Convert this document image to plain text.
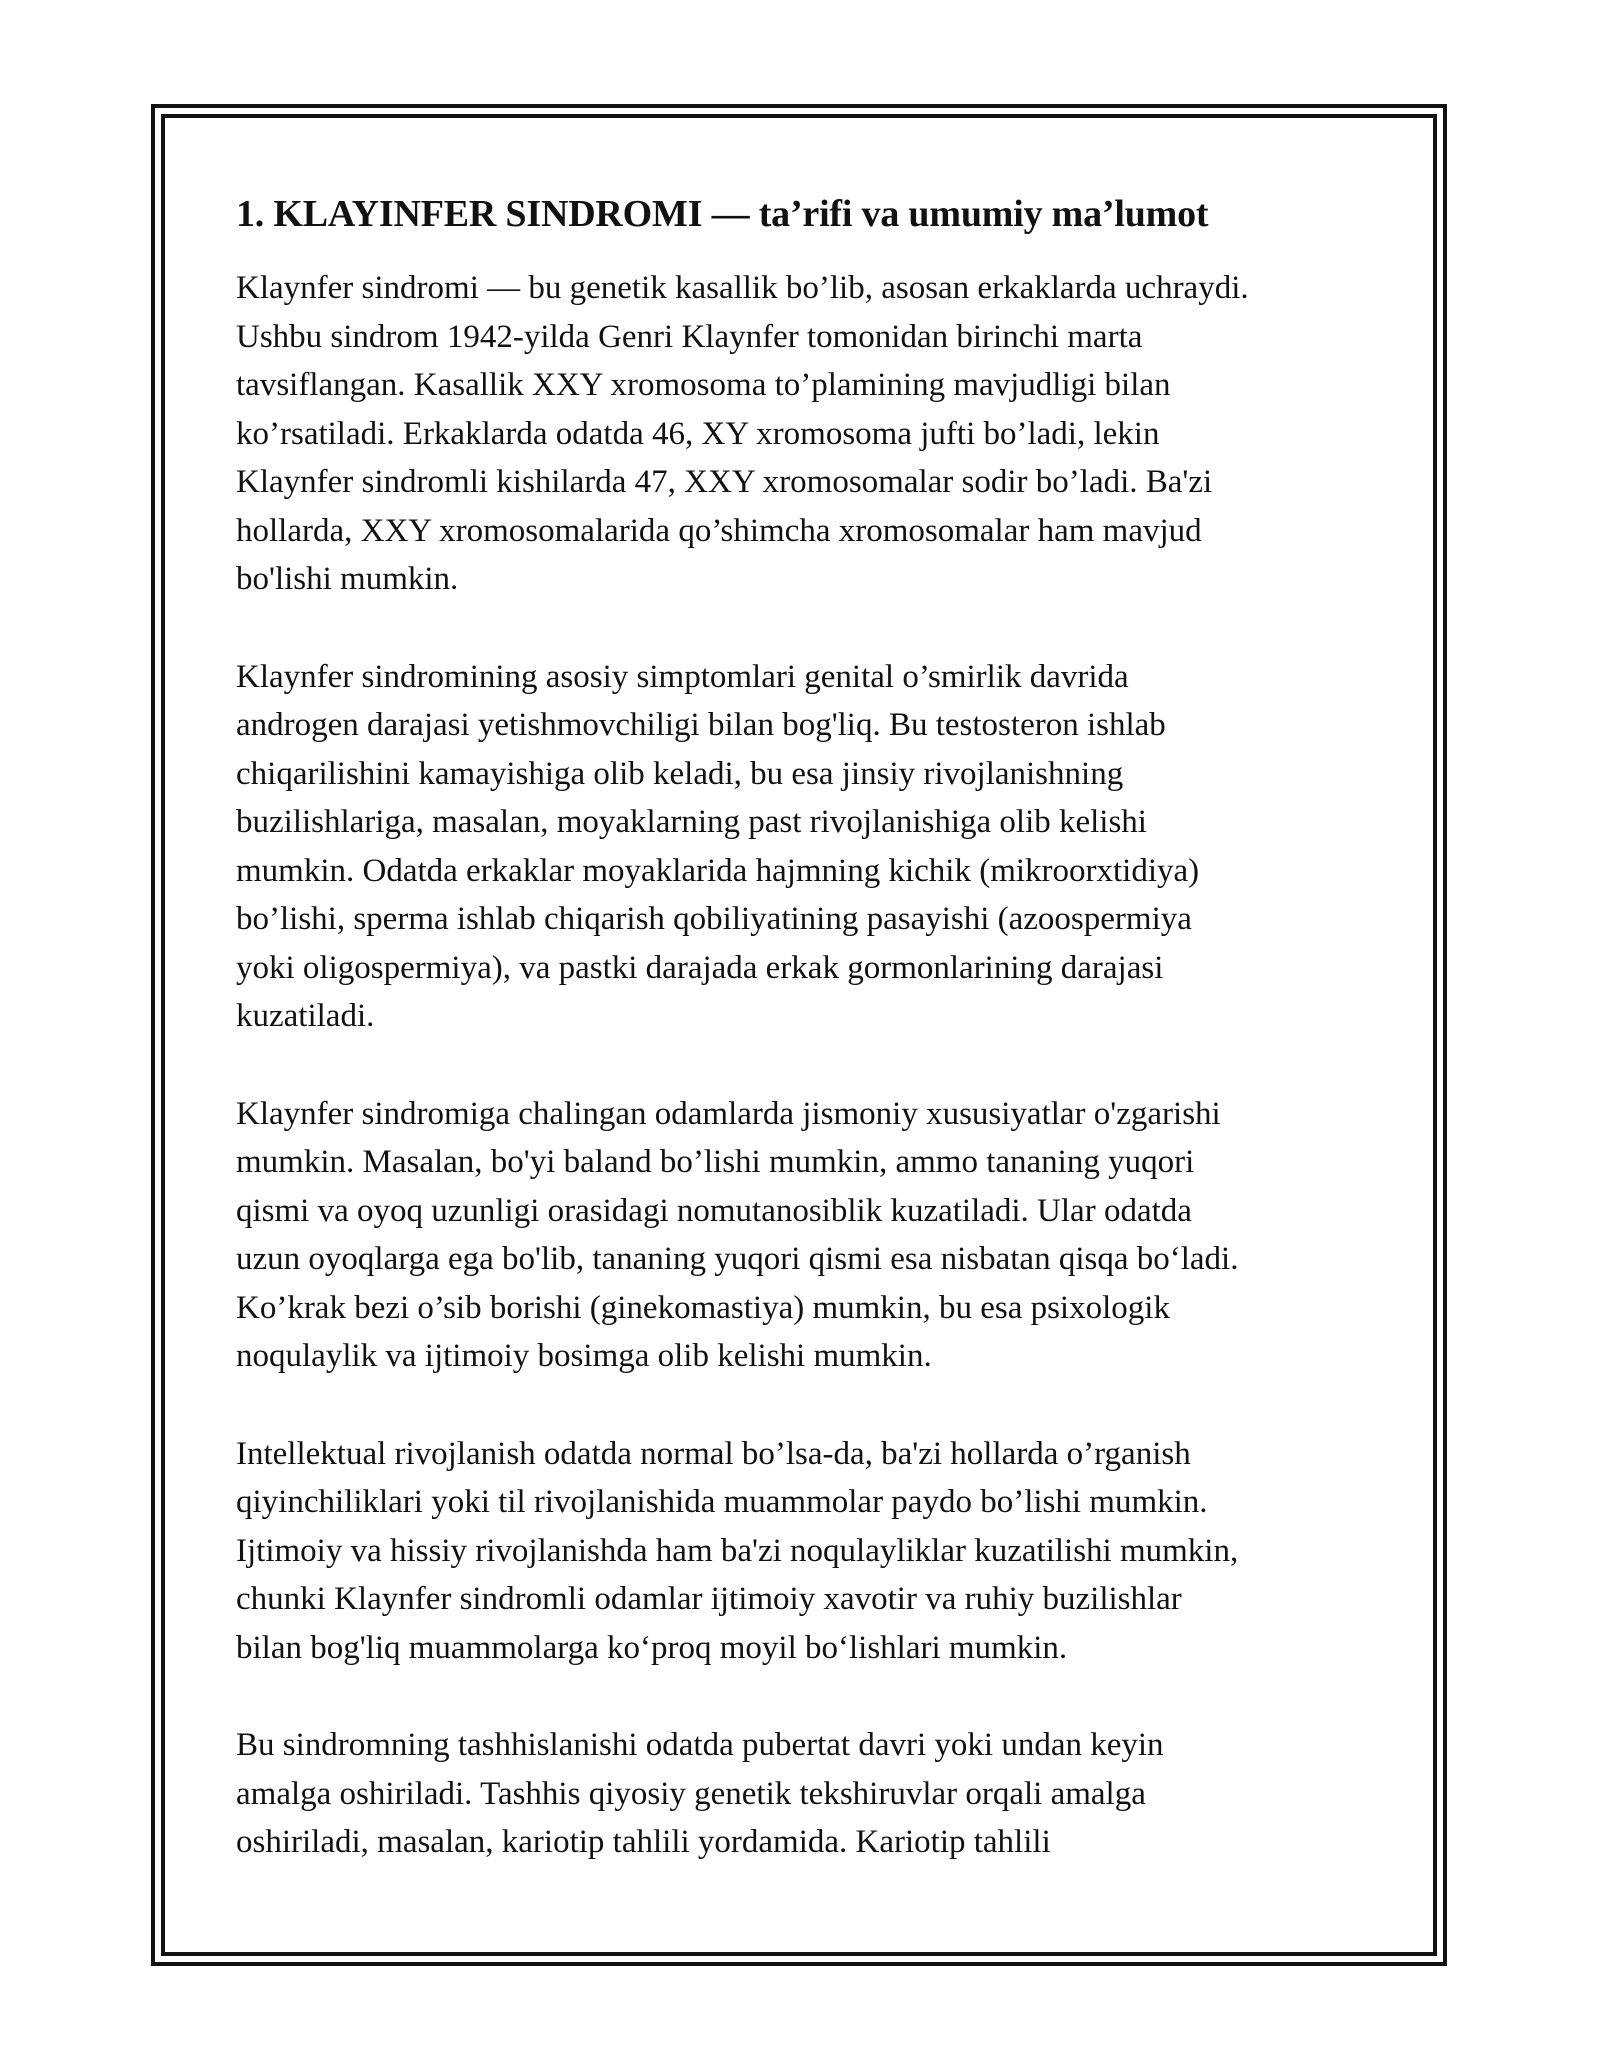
1. KLAYINFER SINDROMI — ta’rifi va umumiy ma’lumot

Klaynfer sindromi — bu genetik kasallik bo’lib, asosan erkaklarda uchraydi.
Ushbu sindrom 1942-yilda Genri Klaynfer tomonidan birinchi marta
tavsiflangan. Kasallik XXY xromosoma to’plamining mavjudligi bilan
ko’rsatiladi. Erkaklarda odatda 46, XY xromosoma jufti bo’ladi, lekin
Klaynfer sindromli kishilarda 47, XXY xromosomalar sodir bo’ladi. Ba'zi
hollarda, XXY xromosomalarida qo’shimcha xromosomalar ham mavjud
bo'lishi mumkin.

Klaynfer sindromining asosiy simptomlari genital o’smirlik davrida
androgen darajasi yetishmovchiligi bilan bog'liq. Bu testosteron ishlab
chiqarilishini kamayishiga olib keladi, bu esa jinsiy rivojlanishning
buzilishlariga, masalan, moyaklarning past rivojlanishiga olib kelishi
mumkin. Odatda erkaklar moyaklarida hajmning kichik (mikroorxtidiya)
bo’lishi, sperma ishlab chiqarish qobiliyatining pasayishi (azoospermiya
yoki oligospermiya), va pastki darajada erkak gormonlarining darajasi
kuzatiladi.

Klaynfer sindromiga chalingan odamlarda jismoniy xususiyatlar o'zgarishi
mumkin. Masalan, bo'yi baland bo’lishi mumkin, ammo tananing yuqori
qismi va oyoq uzunligi orasidagi nomutanosiblik kuzatiladi. Ular odatda
uzun oyoqlarga ega bo'lib, tananing yuqori qismi esa nisbatan qisqa bo‘ladi.
Ko’krak bezi o’sib borishi (ginekomastiya) mumkin, bu esa psixologik
noqulaylik va ijtimoiy bosimga olib kelishi mumkin.

Intellektual rivojlanish odatda normal bo’lsa-da, ba'zi hollarda o’rganish
qiyinchiliklari yoki til rivojlanishida muammolar paydo bo’lishi mumkin.
Ijtimoiy va hissiy rivojlanishda ham ba'zi noqulayliklar kuzatilishi mumkin,
chunki Klaynfer sindromli odamlar ijtimoiy xavotir va ruhiy buzilishlar
bilan bog'liq muammolarga ko‘proq moyil bo‘lishlari mumkin.

Bu sindromning tashhislanishi odatda pubertat davri yoki undan keyin
amalga oshiriladi. Tashhis qiyosiy genetik tekshiruvlar orqali amalga
oshiriladi, masalan, kariotip tahlili yordamida. Kariotip tahlili
